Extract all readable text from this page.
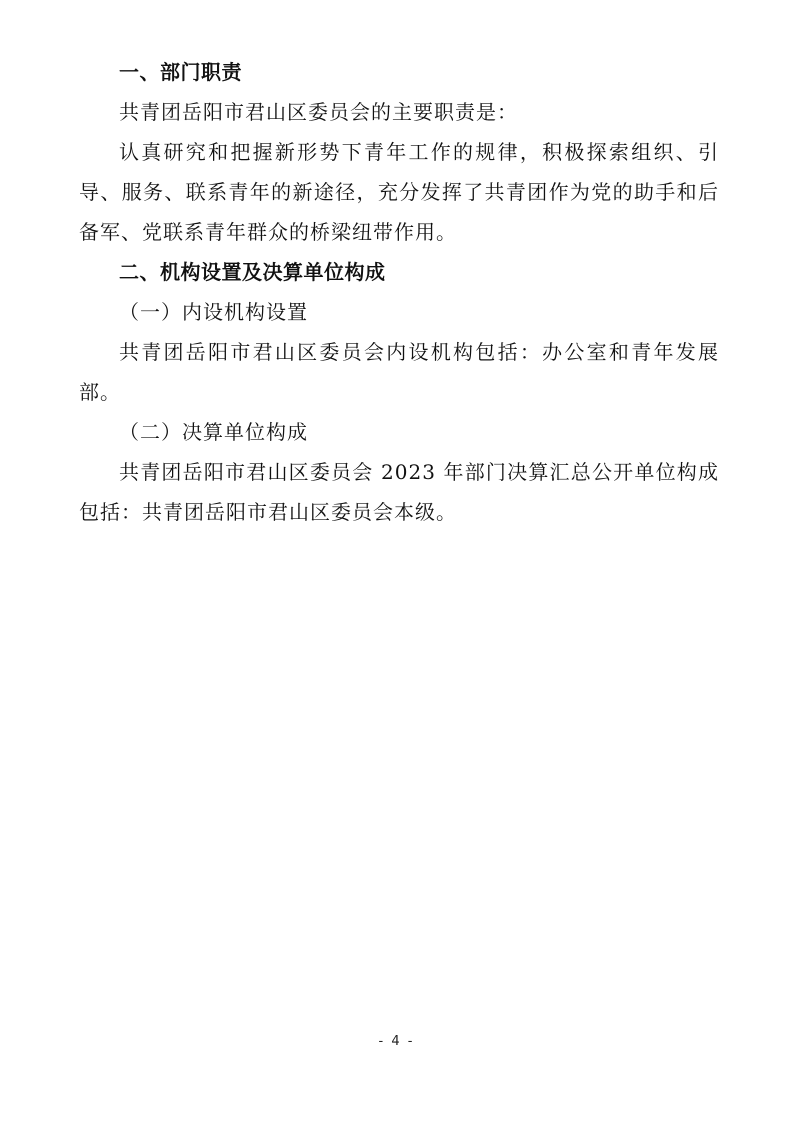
一、部门职责

共青团岳阳市君山区委员会的主要职责是：

认真研究和把握新形势下青年工作的规律，积极探索组织、引导、服务、联系青年的新途径，充分发挥了共青团作为党的助手和后备军、党联系青年群众的桥梁纽带作用。

二、机构设置及决算单位构成

（一）内设机构设置

共青团岳阳市君山区委员会内设机构包括：办公室和青年发展部。

（二）决算单位构成

共青团岳阳市君山区委员会 2023 年部门决算汇总公开单位构成包括：共青团岳阳市君山区委员会本级。

- 4 -
